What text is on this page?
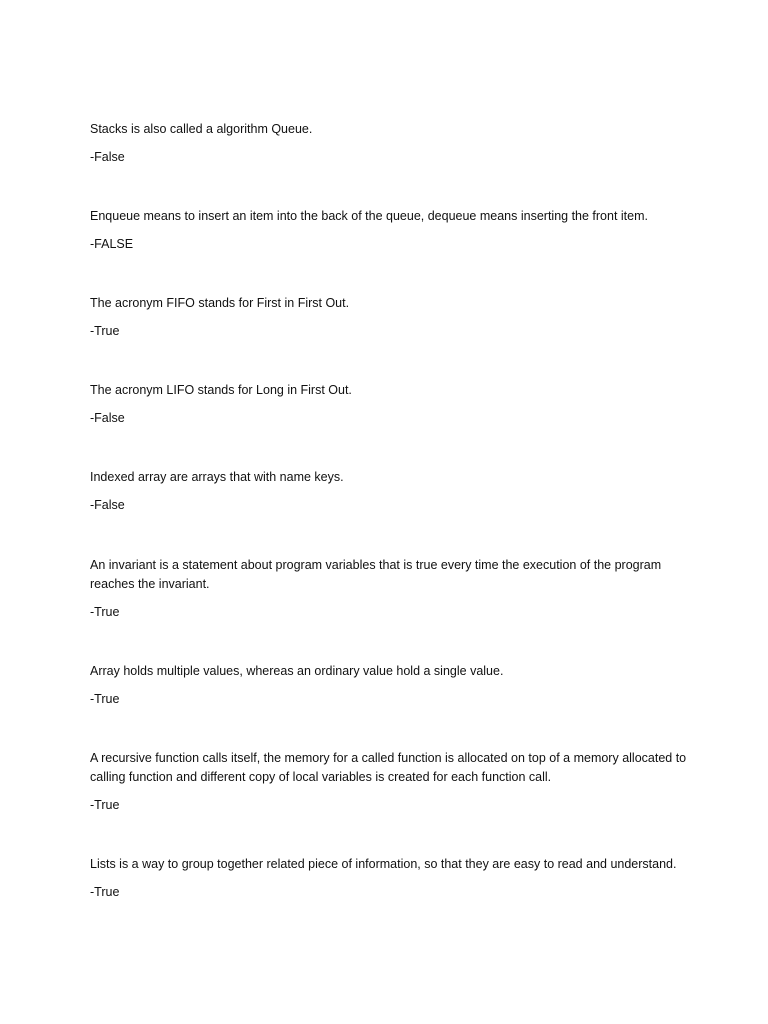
Stacks is also called a algorithm Queue.

-False

Enqueue means to insert an item into the back of the queue, dequeue means inserting the front item.

-FALSE

The acronym FIFO stands for First in First Out.

-True

The acronym LIFO stands for Long in First Out.

-False

Indexed array are arrays that with name keys.

-False

An invariant is a statement about program variables that is true every time the execution of the program reaches the invariant.

-True

Array holds multiple values, whereas an ordinary value hold a single value.

-True

A recursive function calls itself, the memory for a called function is allocated on top of a memory allocated to calling function and different copy of local variables is created for each function call.

-True

Lists is a way to group together related piece of information, so that they are easy to read and understand.

-True
